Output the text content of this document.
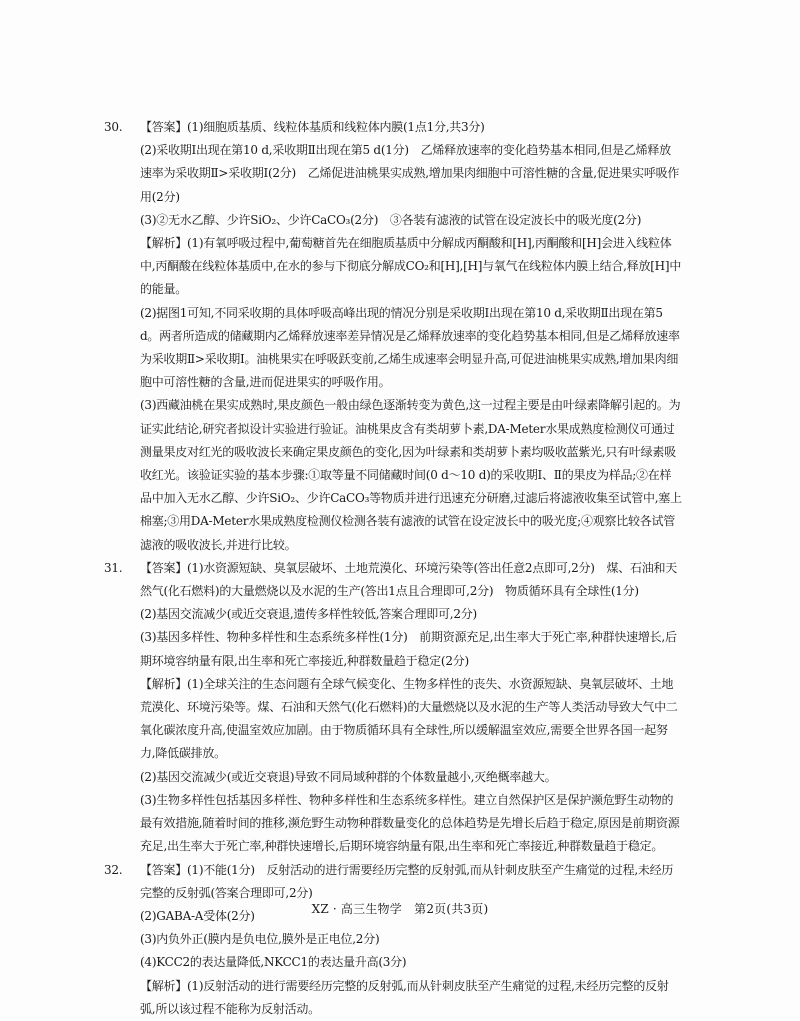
30. 【答案】(1)细胞质基质、线粒体基质和线粒体内膜(1点1分,共3分)

(2)采收期Ⅰ出现在第10 d,采收期Ⅱ出现在第5 d(1分)　乙烯释放速率的变化趋势基本相同,但是乙烯释放速率为采收期Ⅱ>采收期Ⅰ(2分)　乙烯促进油桃果实成熟,增加果肉细胞中可溶性糖的含量,促进果实呼吸作用(2分)

(3)②无水乙醇、少许SiO₂、少许CaCO₃(2分)　③各装有滤液的试管在设定波长中的吸光度(2分)

【解析】(1)有氧呼吸过程中,葡萄糖首先在细胞质基质中分解成丙酮酸和[H],丙酮酸和[H]会进入线粒体中,丙酮酸在线粒体基质中,在水的参与下彻底分解成CO₂和[H],[H]与氧气在线粒体内膜上结合,释放[H]中的能量。

(2)据图1可知,不同采收期的具体呼吸高峰出现的情况分别是采收期Ⅰ出现在第10 d,采收期Ⅱ出现在第5 d。两者所造成的储藏期内乙烯释放速率差异情况是乙烯释放速率的变化趋势基本相同,但是乙烯释放速率为采收期Ⅱ>采收期Ⅰ。油桃果实在呼吸跃变前,乙烯生成速率会明显升高,可促进油桃果实成熟,增加果肉细胞中可溶性糖的含量,进而促进果实的呼吸作用。

(3)西藏油桃在果实成熟时,果皮颜色一般由绿色逐渐转变为黄色,这一过程主要是由叶绿素降解引起的。为证实此结论,研究者拟设计实验进行验证。油桃果皮含有类胡萝卜素,DA-Meter水果成熟度检测仪可通过测量果皮对红光的吸收波长来确定果皮颜色的变化,因为叶绿素和类胡萝卜素均吸收蓝紫光,只有叶绿素吸收红光。该验证实验的基本步骤:①取等量不同储藏时间(0 d～10 d)的采收期Ⅰ、Ⅱ的果皮为样品;②在样品中加入无水乙醇、少许SiO₂、少许CaCO₃等物质并进行迅速充分研磨,过滤后将滤液收集至试管中,塞上棉塞;③用DA-Meter水果成熟度检测仪检测各装有滤液的试管在设定波长中的吸光度;④观察比较各试管滤液的吸收波长,并进行比较。

31. 【答案】(1)水资源短缺、臭氧层破坏、土地荒漠化、环境污染等(答出任意2点即可,2分)　煤、石油和天然气(化石燃料)的大量燃烧以及水泥的生产(答出1点且合理即可,2分)　物质循环具有全球性(1分)

(2)基因交流减少(或近交衰退,遗传多样性较低,答案合理即可,2分)

(3)基因多样性、物种多样性和生态系统多样性(1分)　前期资源充足,出生率大于死亡率,种群快速增长,后期环境容纳量有限,出生率和死亡率接近,种群数量趋于稳定(2分)

【解析】(1)全球关注的生态问题有全球气候变化、生物多样性的丧失、水资源短缺、臭氧层破坏、土地荒漠化、环境污染等。煤、石油和天然气(化石燃料)的大量燃烧以及水泥的生产等人类活动导致大气中二氧化碳浓度升高,使温室效应加剧。由于物质循环具有全球性,所以缓解温室效应,需要全世界各国一起努力,降低碳排放。

(2)基因交流减少(或近交衰退)导致不同局域种群的个体数量越小,灭绝概率越大。

(3)生物多样性包括基因多样性、物种多样性和生态系统多样性。建立自然保护区是保护濒危野生动物的最有效措施,随着时间的推移,濒危野生动物种群数量变化的总体趋势是先增长后趋于稳定,原因是前期资源充足,出生率大于死亡率,种群快速增长,后期环境容纳量有限,出生率和死亡率接近,种群数量趋于稳定。

32. 【答案】(1)不能(1分)　反射活动的进行需要经历完整的反射弧,而从针刺皮肤至产生痛觉的过程,未经历完整的反射弧(答案合理即可,2分)

(2)GABA-A受体(2分)

(3)内负外正(膜内是负电位,膜外是正电位,2分)

(4)KCC2的表达量降低,NKCC1的表达量升高(3分)

【解析】(1)反射活动的进行需要经历完整的反射弧,而从针刺皮肤至产生痛觉的过程,未经历完整的反射弧,所以该过程不能称为反射活动。

XZ · 高三生物学　第2页(共3页)
